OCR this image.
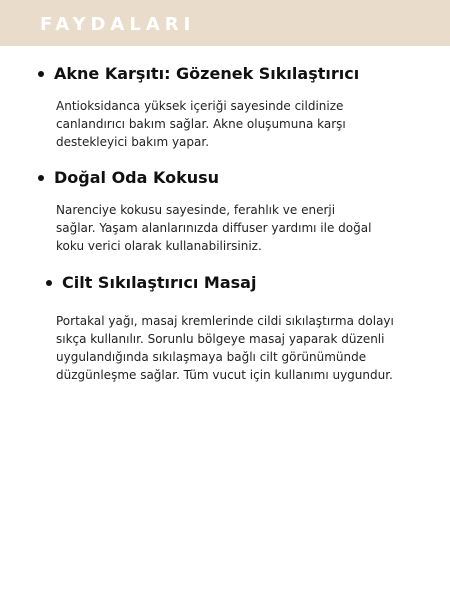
FAYDALARI
Akne Karşıtı: Gözenek Sıkılaştırıcı

Antioksidanca yüksek içeriği sayesinde cildinize canlandırıcı bakım sağlar. Akne oluşumuna karşı destekleyici bakım yapar.

Doğal Oda Kokusu

Narenciye kokusu sayesinde, ferahlık ve enerji sağlar. Yaşam alanlarınızda diffuser yardımı ile doğal koku verici olarak kullanabilirsiniz.

Cilt Sıkılaştırıcı Masaj

Portakal yağı, masaj kremlerinde cildi sıkılaştırma dolayı sıkça kullanılır. Sorunlu bölgeye masaj yaparak düzenli uygulandığında sıkılaşmaya bağlı cilt görünümünde düzgünleşme sağlar. Tüm vucut için kullanımı uygundur.
